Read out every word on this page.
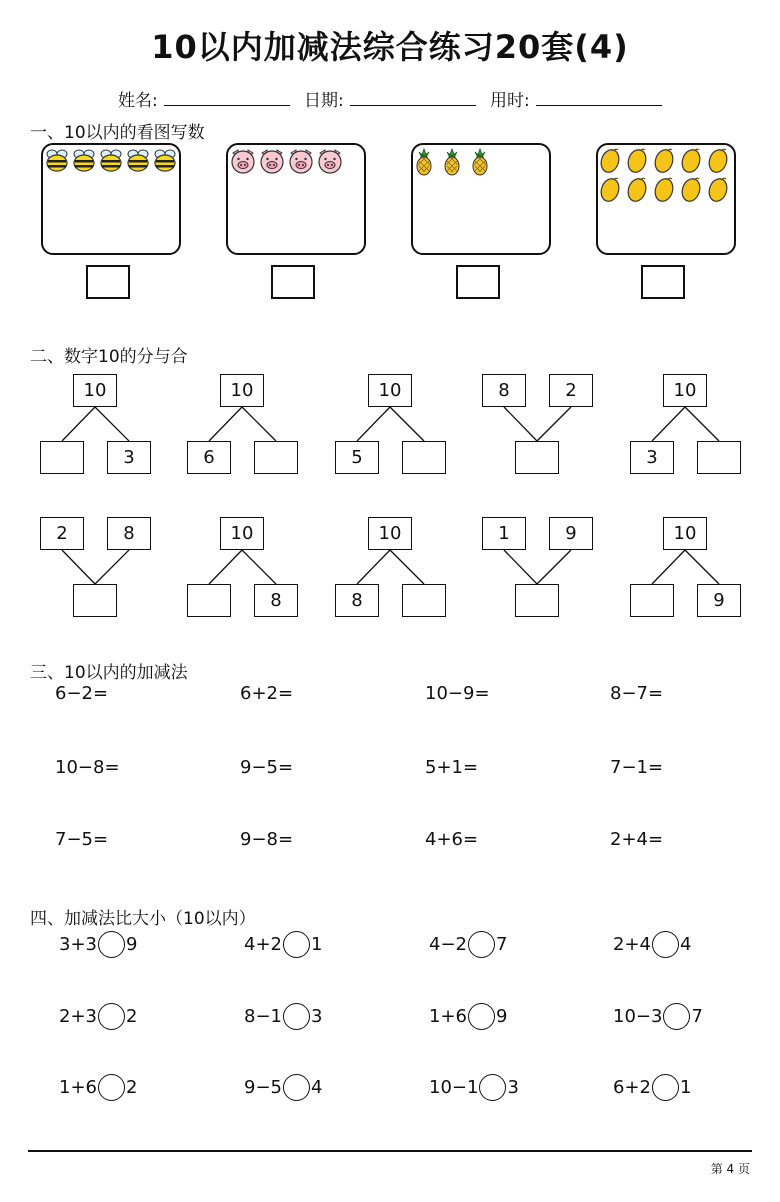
10以内加减法综合练习20套(4)
姓名:	日期:	用时:
一、10以内的看图写数
二、数字10的分与合
三、10以内的加减法
四、加减法比大小（10以内）
10
3
10
6
10
5
8	2	10
3
2	8	10
8
10
8
1	9	10
9
6−2=	6+2=	10−9=	8−7=
10−8=	9−5=	5+1=	7−1=
7−5=	9−8=	4+6=	2+4=
3+3 9	4+2 1	4−2 7	2+4 4
2+3 2	8−1 3	1+6 9	10−3 7
1+6 2	9−5 4	10−1 3	6+2 1
第 4 页
